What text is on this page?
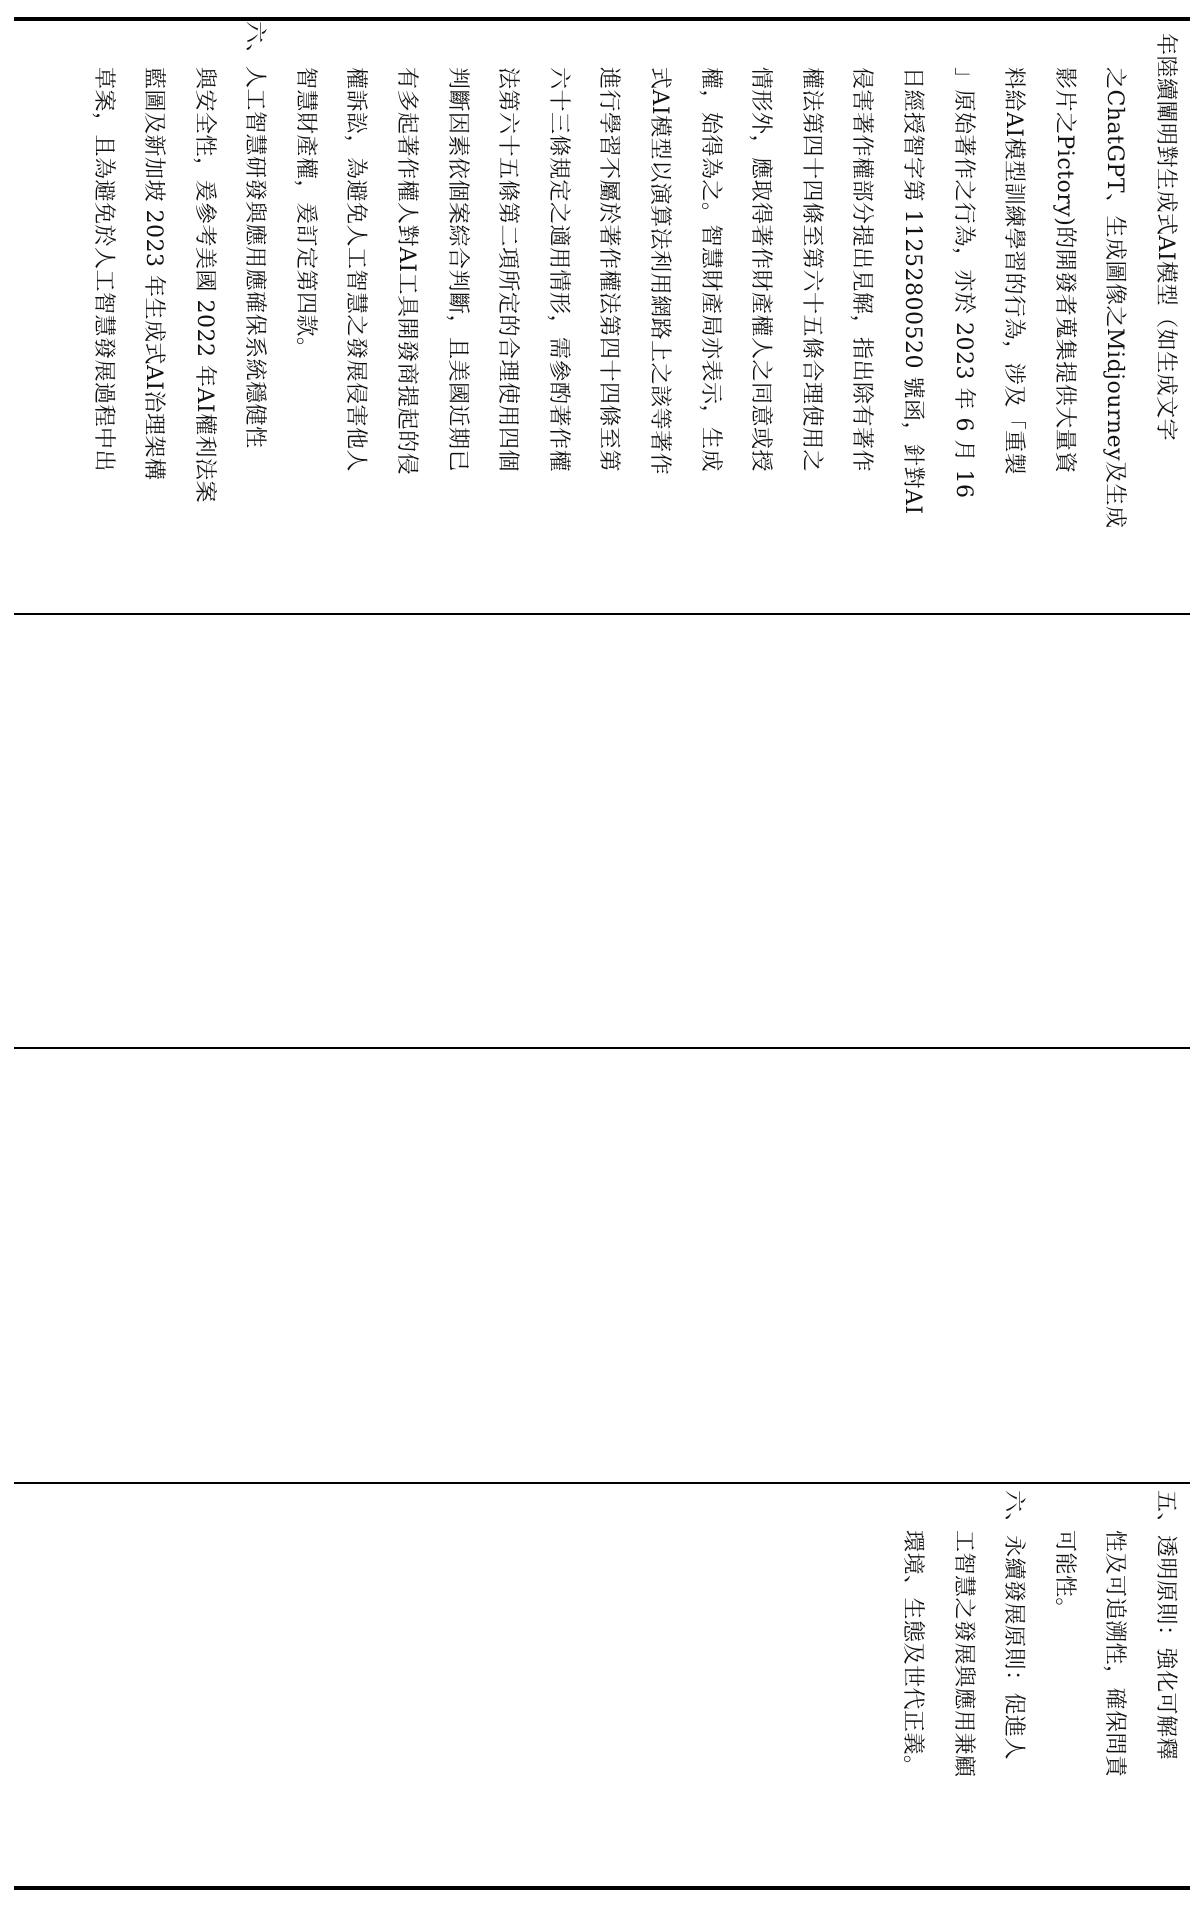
年陸續闡明對生成式AI模型（如生成文字

之ChatGPT、生成圖像之Midjourney及生成

影片之Pictory)的開發者蒐集提供大量資

料給AI模型訓練學習的行為，涉及「重製

」原始著作之行為，亦於 2023 年 6 月 16

日經授智字第 11252800520 號函，針對AI

侵害著作權部分提出見解，指出除有著作

權法第四十四條至第六十五條合理使用之

情形外，應取得著作財產權人之同意或授

權，始得為之。智慧財產局亦表示，生成

式AI模型以演算法利用網路上之該等著作

進行學習不屬於著作權法第四十四條至第

六十三條規定之適用情形，需參酌著作權

法第六十五條第二項所定的合理使用四個

判斷因素依個案綜合判斷，且美國近期已

有多起著作權人對AI工具開發商提起的侵

權訴訟，為避免人工智慧之發展侵害他人

智慧財產權，爰訂定第四款。

六、人工智慧研發與應用應確保系統穩健性

與安全性，爰參考美國 2022 年AI權利法案

藍圖及新加坡 2023 年生成式AI治理架構

草案，且為避免於人工智慧發展過程中出

五、透明原則：強化可解釋

性及可追溯性，確保問責

可能性。

六、永續發展原則：促進人

工智慧之發展與應用兼顧

環境、生態及世代正義。
